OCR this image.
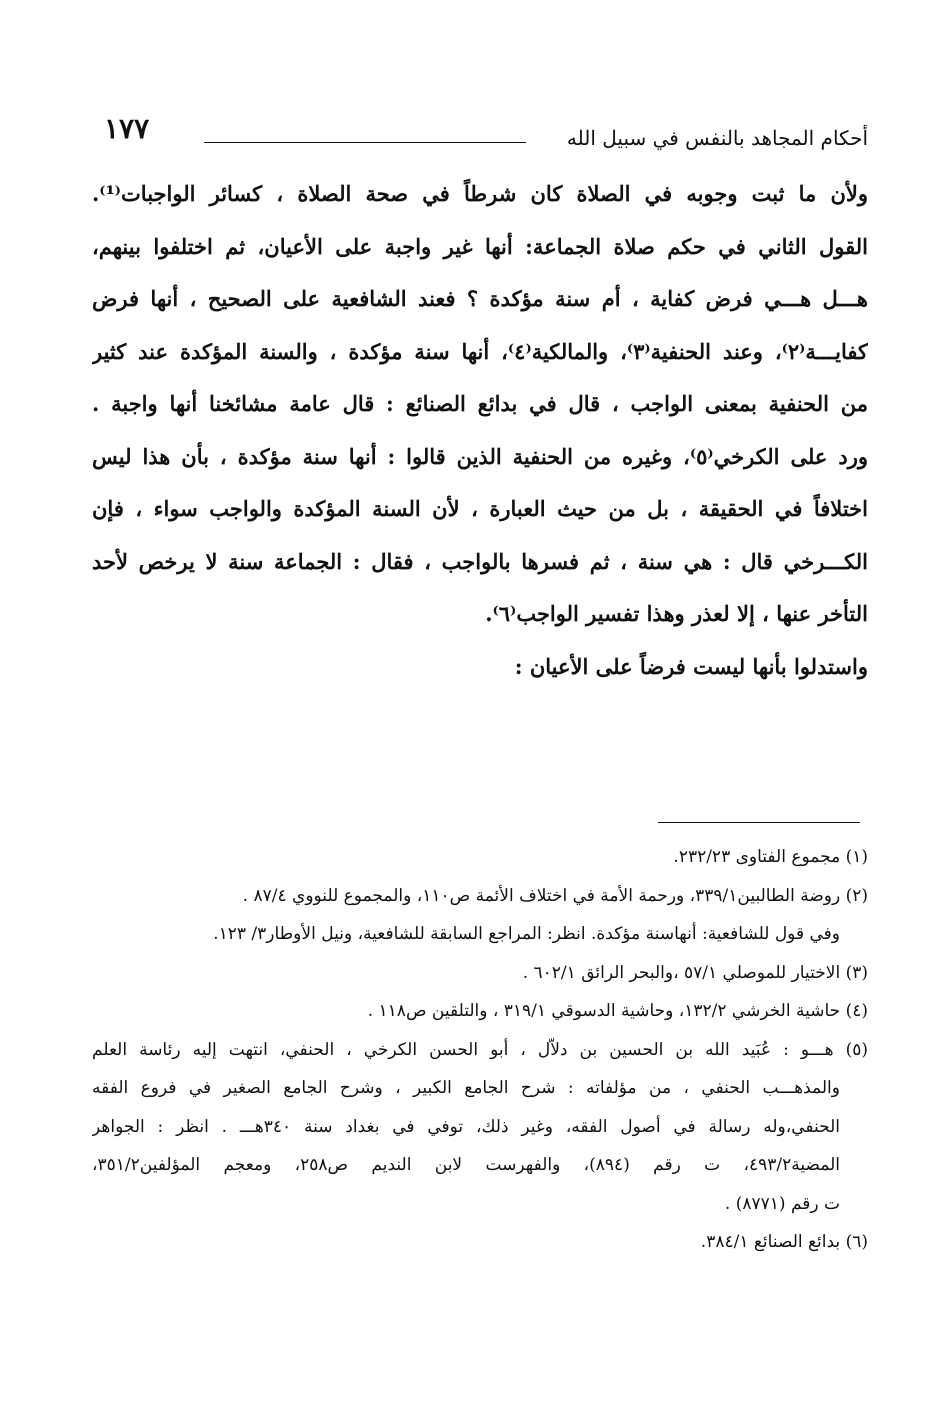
١٧٧	أحكام المجاهد بالنفس في سبيل الله
ولأن ما ثبت وجوبه في الصلاة كان شرطاً في صحة الصلاة ، كسائر الواجبات⁽¹⁾.
القول الثاني في حكم صلاة الجماعة: أنها غير واجبة على الأعيان، ثم اختلفوا بينهم،
هـــل هـــي فرض كفاية ، أم سنة مؤكدة ؟ فعند الشافعية على الصحيح ، أنها فرض
كفايـــة⁽٢⁾، وعند الحنفية⁽٣⁾، والمالكية⁽٤⁾، أنها سنة مؤكدة ، والسنة المؤكدة عند كثير
من الحنفية بمعنى الواجب ، قال في بدائع الصنائع : قال عامة مشائخنا أنها واجبة .
ورد على الكرخي⁽٥⁾، وغيره من الحنفية الذين قالوا : أنها سنة مؤكدة ، بأن هذا ليس
اختلافاً في الحقيقة ، بل من حيث العبارة ، لأن السنة المؤكدة والواجب سواء ، فإن
الكـــرخي قال : هي سنة ، ثم فسرها بالواجب ، فقال : الجماعة سنة لا يرخص لأحد
التأخر عنها ، إلا لعذر وهذا تفسير الواجب⁽٦⁾.
واستدلوا بأنها ليست فرضاً على الأعيان :
(١) مجموع الفتاوى ٢٣٢/٢٣.
(٢) روضة الطالبين٣٣٩/١، ورحمة الأمة في اختلاف الأئمة ص١١٠، والمجموع للنووي ٨٧/٤ .
وفي قول للشافعية: أنهاسنة مؤكدة. انظر: المراجع السابقة للشافعية، ونيل الأوطار٣/ ١٢٣.
(٣) الاختيار للموصلي ٥٧/١ ،والبحر الرائق ٦٠٢/١ .
(٤) حاشية الخرشي ١٣٢/٢، وحاشية الدسوقي ٣١٩/١ ، والتلقين ص١١٨ .
(٥) هـــو : عُبَيد الله بن الحسين بن دلاّل ، أبو الحسن الكرخي ، الحنفي، انتهت إليه رئاسة العلم
والمذهـــب الحنفي ، من مؤلفاته : شرح الجامع الكبير ، وشرح الجامع الصغير في فروع الفقه
الحنفي،وله رسالة في أصول الفقه، وغير ذلك، توفي في بغداد سنة ٣٤٠هـــ . انظر : الجواهر
المضية٤٩٣/٢، ت رقم (٨٩٤)، والفهرست لابن النديم ص٢٥٨، ومعجم المؤلفين٣٥١/٢،
ت رقم (٨٧٧١) .
(٦) بدائع الصنائع ٣٨٤/١.
